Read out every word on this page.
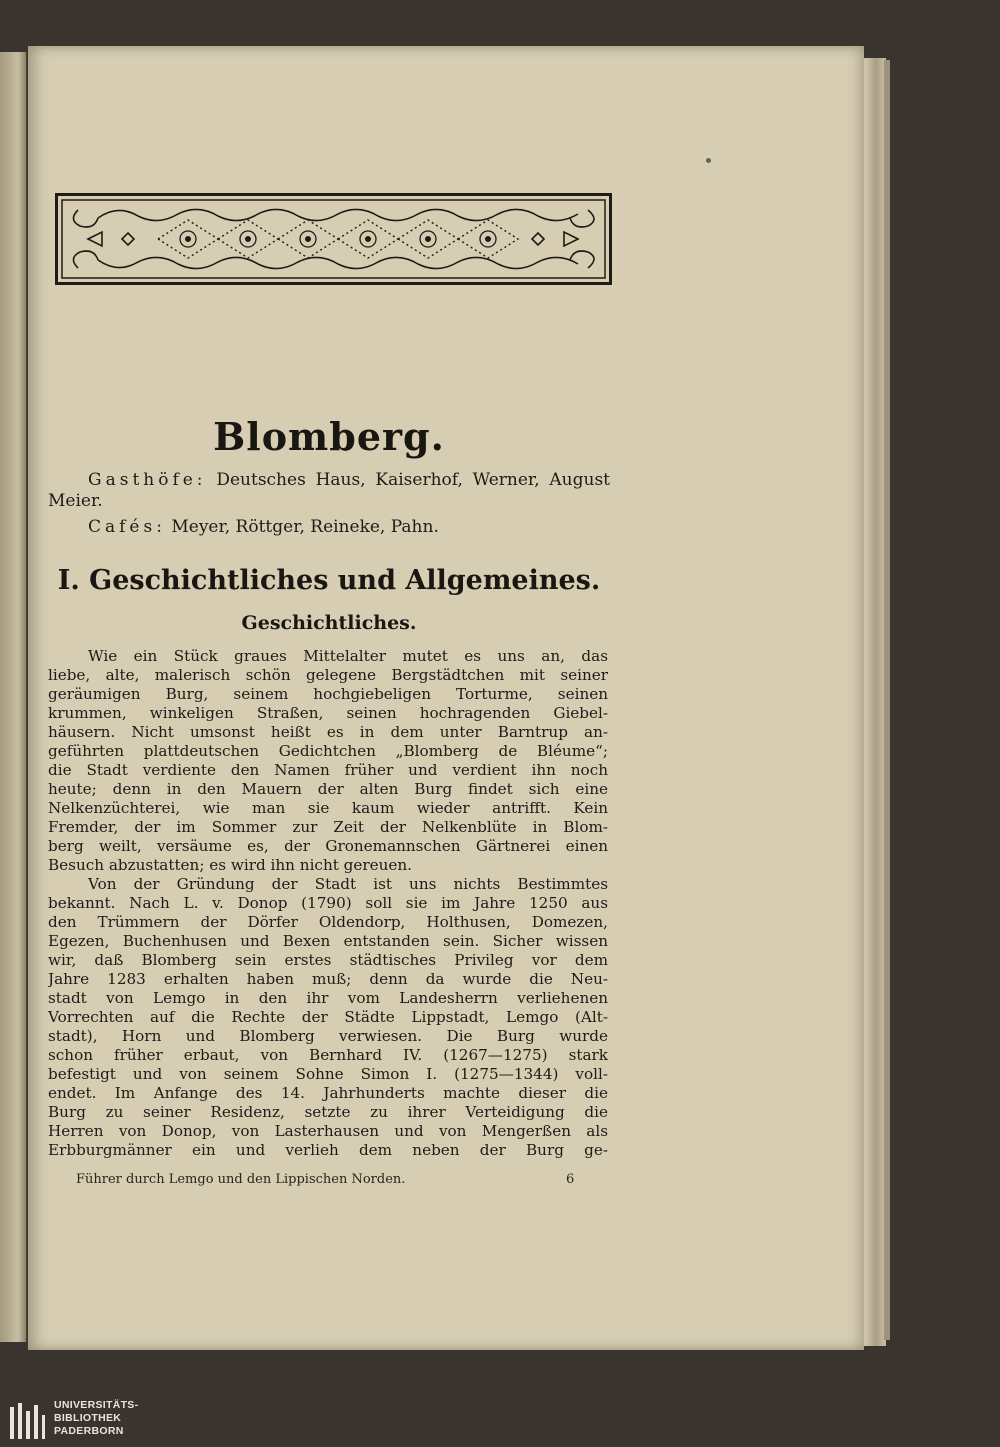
Blomberg.
Gasthöfe: Deutsches Haus, Kaiserhof, Werner, August Meier.
Cafés: Meyer, Röttger, Reineke, Pahn.
I. Geschichtliches und Allgemeines.
Geschichtliches.
Wie ein Stück graues Mittelalter mutet es uns an, das
liebe, alte, malerisch schön gelegene Bergstädtchen mit seiner
geräumigen Burg, seinem hochgiebeligen Torturme, seinen
krummen, winkeligen Straßen, seinen hochragenden Giebel-
häusern. Nicht umsonst heißt es in dem unter Barntrup an-
geführten plattdeutschen Gedichtchen „Blomberg de Bléume“;
die Stadt verdiente den Namen früher und verdient ihn noch
heute; denn in den Mauern der alten Burg findet sich eine
Nelkenzüchterei, wie man sie kaum wieder antrifft. Kein
Fremder, der im Sommer zur Zeit der Nelkenblüte in Blom-
berg weilt, versäume es, der Gronemannschen Gärtnerei einen
Besuch abzustatten; es wird ihn nicht gereuen.
Von der Gründung der Stadt ist uns nichts Bestimmtes
bekannt. Nach L. v. Donop (1790) soll sie im Jahre 1250 aus
den Trümmern der Dörfer Oldendorp, Holthusen, Domezen,
Egezen, Buchenhusen und Bexen entstanden sein. Sicher wissen
wir, daß Blomberg sein erstes städtisches Privileg vor dem
Jahre 1283 erhalten haben muß; denn da wurde die Neu-
stadt von Lemgo in den ihr vom Landesherrn verliehenen
Vorrechten auf die Rechte der Städte Lippstadt, Lemgo (Alt-
stadt), Horn und Blomberg verwiesen. Die Burg wurde
schon früher erbaut, von Bernhard IV. (1267—1275) stark
befestigt und von seinem Sohne Simon I. (1275—1344) voll-
endet. Im Anfange des 14. Jahrhunderts machte dieser die
Burg zu seiner Residenz, setzte zu ihrer Verteidigung die
Herren von Donop, von Lasterhausen und von Mengerßen als
Erbburgmänner ein und verlieh dem neben der Burg ge-
Führer durch Lemgo und den Lippischen Norden.	6
UNIVERSITÄTS-
BIBLIOTHEK
PADERBORN
